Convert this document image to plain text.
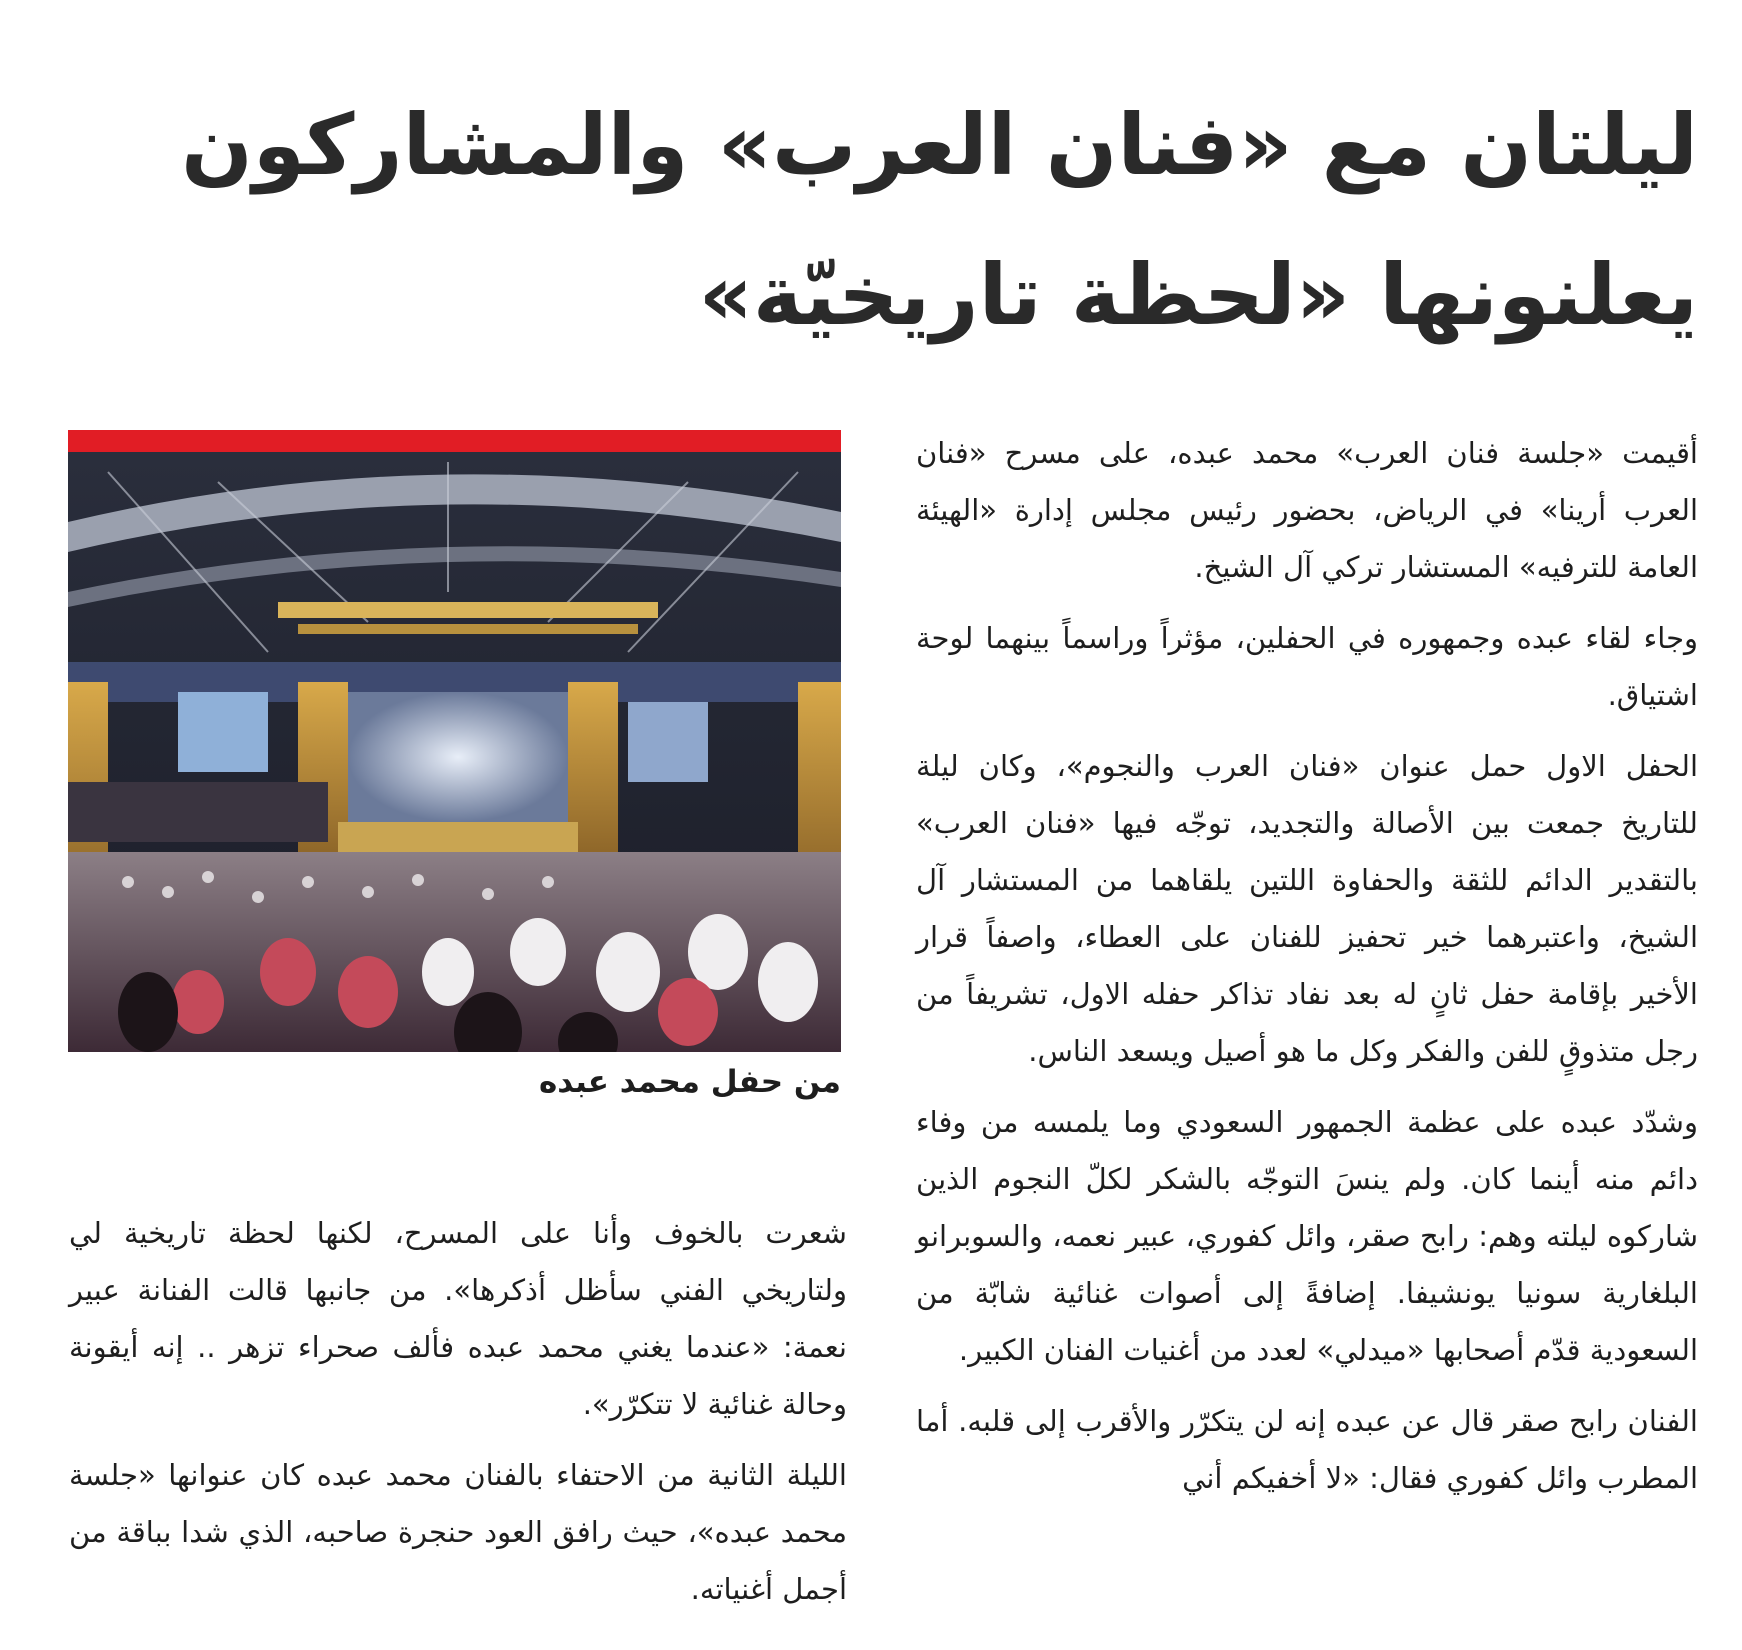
ليلتان مع «فنان العرب» والمشاركون
يعلنونها «لحظة تاريخيّة»

أقيمت «جلسة فنان العرب» محمد عبده، على مسرح «فنان العرب أرينا» في الرياض، بحضور رئيس مجلس إدارة «الهيئة العامة للترفيه» المستشار تركي آل الشيخ.

وجاء لقاء عبده وجمهوره في الحفلين، مؤثراً وراسماً بينهما لوحة اشتياق.

الحفل الاول حمل عنوان «فنان العرب والنجوم»، وكان ليلة للتاريخ جمعت بين الأصالة والتجديد، توجّه فيها «فنان العرب» بالتقدير الدائم للثقة والحفاوة اللتين يلقاهما من المستشار آل الشيخ، واعتبرهما خير تحفيز للفنان على العطاء، واصفاً قرار الأخير بإقامة حفل ثانٍ له بعد نفاد تذاكر حفله الاول، تشريفاً من رجل متذوقٍ للفن والفكر وكل ما هو أصيل ويسعد الناس.

وشدّد عبده على عظمة الجمهور السعودي وما يلمسه من وفاء دائم منه أينما كان. ولم ينسَ التوجّه بالشكر لكلّ النجوم الذين شاركوه ليلته وهم: رابح صقر، وائل كفوري، عبير نعمه، والسوبرانو البلغارية سونيا يونشيفا. إضافةً إلى أصوات غنائية شابّة من السعودية قدّم أصحابها «ميدلي» لعدد من أغنيات الفنان الكبير.

الفنان رابح صقر قال عن عبده إنه لن يتكرّر والأقرب إلى قلبه. أما المطرب وائل كفوري فقال: «لا أخفيكم أني

من حفل محمد عبده

شعرت بالخوف وأنا على المسرح، لكنها لحظة تاريخية لي ولتاريخي الفني سأظل أذكرها». من جانبها قالت الفنانة عبير نعمة: «عندما يغني محمد عبده فألف صحراء تزهر .. إنه أيقونة وحالة غنائية لا تتكرّر».

الليلة الثانية من الاحتفاء بالفنان محمد عبده كان عنوانها «جلسة محمد عبده»، حيث رافق العود حنجرة صاحبه، الذي شدا بباقة من أجمل أغنياته.
